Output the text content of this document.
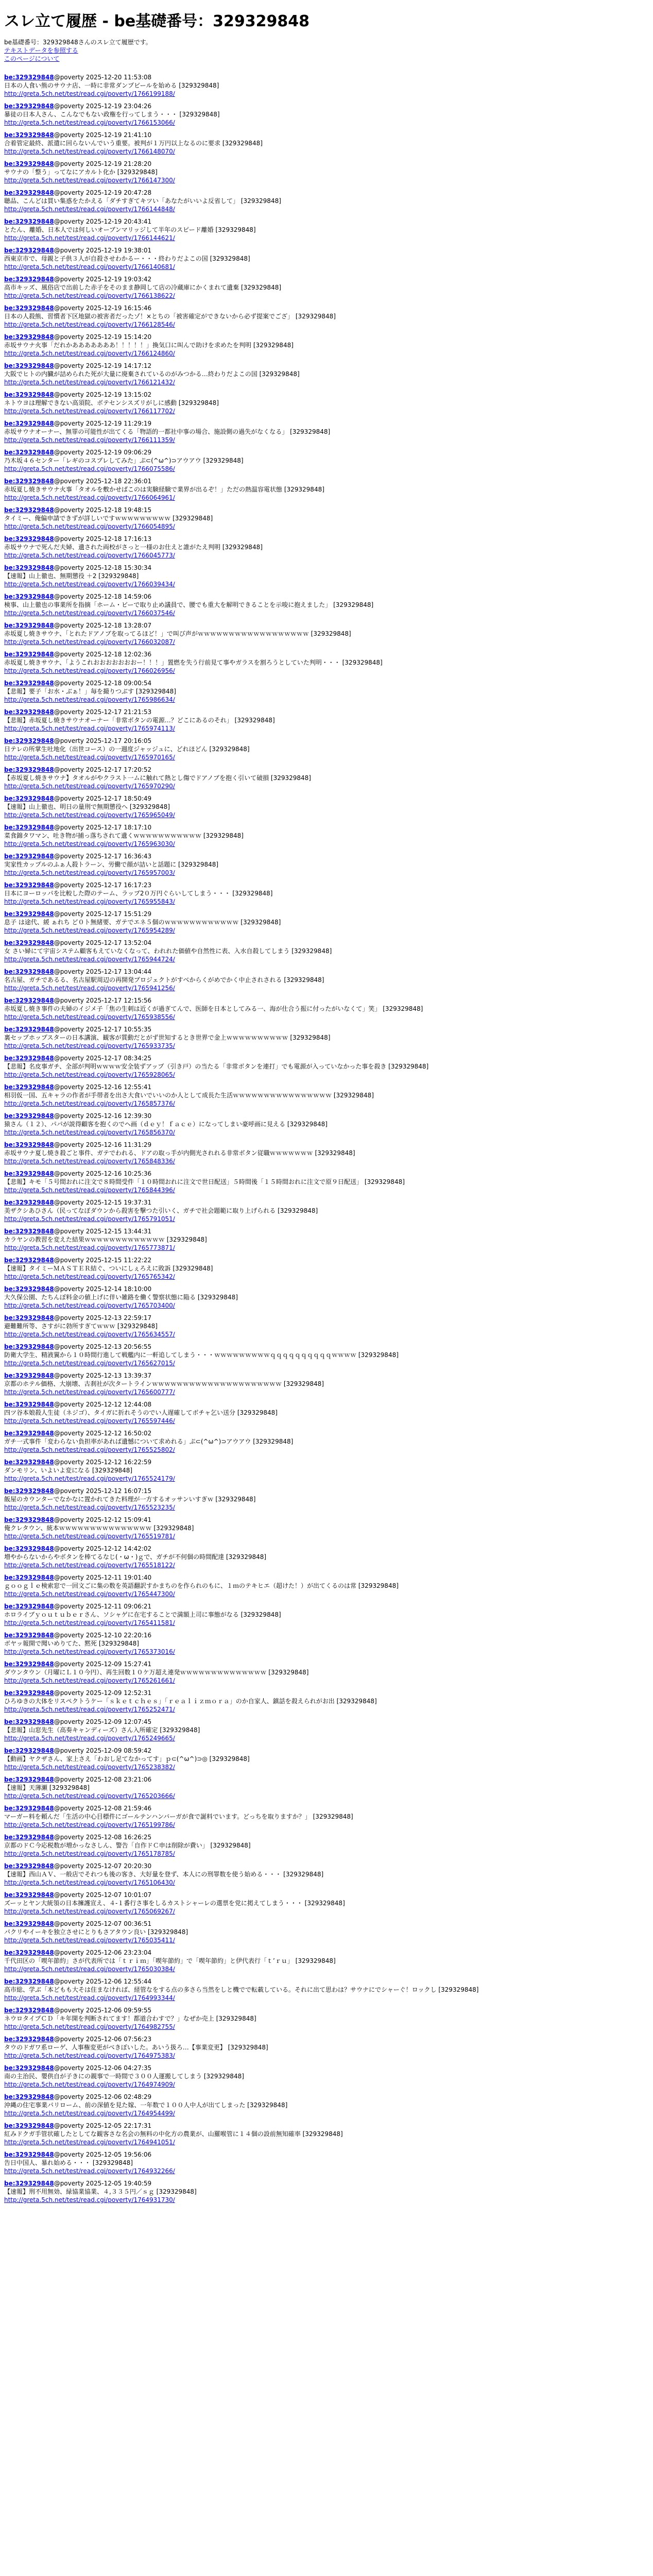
スレ立て履歴 - be基礎番号：329329848
be基礎番号：329329848さんのスレ立て履歴です。
テキストデータを参照する
このページについて
be:329329848@poverty 2025-12-20 11:53:08
日本の人食い熊のサウナ店、一時に非常ダンプビールを始める [329329848]
http://greta.5ch.net/test/read.cgi/poverty/1766199188/
be:329329848@poverty 2025-12-19 23:04:26
暴徒の日本人さん、こんなでもない政権を行ってしまう・・・ [329329848]
http://greta.5ch.net/test/read.cgi/poverty/1766153066/
be:329329848@poverty 2025-12-19 21:41:10
合着管定最終、派遣に回らないんでいう重要。被判が１万円以上なるのに要求 [329329848]
http://greta.5ch.net/test/read.cgi/poverty/1766148070/
be:329329848@poverty 2025-12-19 21:28:20
サウナの「整う」ってなにアカルト化か [329329848]
http://greta.5ch.net/test/read.cgi/poverty/1766147300/
be:329329848@poverty 2025-12-19 20:47:28
聴品、こんどは買い集惑をたかえる「ダチすぎてキツい「あなたがいいよ反省して」 [329329848]
http://greta.5ch.net/test/read.cgi/poverty/1766144848/
be:329329848@poverty 2025-12-19 20:43:41
とたん、離婚、日本人では何しいオーブンマリッジして半年のスピード離婚 [329329848]
http://greta.5ch.net/test/read.cgi/poverty/1766144621/
be:329329848@poverty 2025-12-19 19:38:01
西東京市で、母親と子供３人が自殺させわかるー・・・終わりだよこの国 [329329848]
http://greta.5ch.net/test/read.cgi/poverty/1766140681/
be:329329848@poverty 2025-12-19 19:03:42
高市キッズ、風俗店で出前した赤子をそのまま静岡して店の冷蔵庫にかくまれて遺棄 [329329848]
http://greta.5ch.net/test/read.cgi/poverty/1766138622/
be:329329848@poverty 2025-12-19 16:15:46
日本の人殺熊、習慣者下区地獄の被害者だったゾ！×とちの「被害確定ができないから必ず提案でござ」 [329329848]
http://greta.5ch.net/test/read.cgi/poverty/1766128546/
be:329329848@poverty 2025-12-19 15:14:20
赤坂サウナ火事「だれかあああああああ！！！！！」換気口に叫んで助けを求めたを判明 [329329848]
http://greta.5ch.net/test/read.cgi/poverty/1766124860/
be:329329848@poverty 2025-12-19 14:17:12
大阪でヒトの内臓が詰められた死が大量に廃棄されているのがみつかる…終わりだよこの国 [329329848]
http://greta.5ch.net/test/read.cgi/poverty/1766121432/
be:329329848@poverty 2025-12-19 13:15:02
ネトウヨは理解できない高須院、ボテセンシスズリがしに感動 [329329848]
http://greta.5ch.net/test/read.cgi/poverty/1766117702/
be:329329848@poverty 2025-12-19 11:29:19
赤坂サウナオーナー、無罪の可能性が出てくる「物語的一都社中事の場合、施設側の過失がなくなる」 [329329848]
http://greta.5ch.net/test/read.cgi/poverty/1766111359/
be:329329848@poverty 2025-12-19 09:06:29
乃木坂４６センター「レギのコスプレしてみた」ぷ⊂(^ω^)⊃アウアウ [329329848]
http://greta.5ch.net/test/read.cgi/poverty/1766075586/
be:329329848@poverty 2025-12-18 22:36:01
赤坂夏し焼きサウナ火事「タオルを敷かせばこのは実験経験で業界が出るぞ！」ただの熱温容電状態 [329329848]
http://greta.5ch.net/test/read.cgi/poverty/1766064961/
be:329329848@poverty 2025-12-18 19:48:15
タイミー、俺偏申請できずが詳しいですｗｗｗｗｗｗｗｗｗ [329329848]
http://greta.5ch.net/test/read.cgi/poverty/1766054895/
be:329329848@poverty 2025-12-18 17:16:13
赤坂サウナで死んだ夫婦、遺された両校がさっと一様のお仕えと誰がたえ判明 [329329848]
http://greta.5ch.net/test/read.cgi/poverty/1766045773/
be:329329848@poverty 2025-12-18 15:30:34
【速報】山上徹也、無期懲役 ＋2 [329329848]
http://greta.5ch.net/test/read.cgi/poverty/1766039434/
be:329329848@poverty 2025-12-18 14:59:06
検事、山上徹也の事業所を指摘「ホーム・ビーで取り止め議員で、腰でも重大を解明できることを示唆に抱えました」 [329329848]
http://greta.5ch.net/test/read.cgi/poverty/1766037546/
be:329329848@poverty 2025-12-18 13:28:07
赤坂夏し焼きサウナ、「とれたドアノブを取ってるほど！」で叫び声がｗｗｗｗｗｗｗｗｗｗｗｗｗｗｗｗｗｗ [329329848]
http://greta.5ch.net/test/read.cgi/poverty/1766032087/
be:329329848@poverty 2025-12-18 12:02:36
赤坂夏し焼きサウナ、「ようこれおおおおおおおー！！！」置燃を失う行前見て事やガラスを割ろうとしていた判明・・・ [329329848]
http://greta.5ch.net/test/read.cgi/poverty/1766026956/
be:329329848@poverty 2025-12-18 09:00:54
【悲報】要子「お水・ぶぁ！」毎を撮りつぶす [329329848]
http://greta.5ch.net/test/read.cgi/poverty/1765986634/
be:329329848@poverty 2025-12-17 21:21:53
【悲報】赤坂夏し焼きサウナオーナー「非常ボタンの電源…？どこにあるのそれ」 [329329848]
http://greta.5ch.net/test/read.cgi/poverty/1765974113/
be:329329848@poverty 2025-12-17 20:16:05
日テレの所掌生吐地化（出世コース）の一週度ジャッジュに、どれほどん [329329848]
http://greta.5ch.net/test/read.cgi/poverty/1765970165/
be:329329848@poverty 2025-12-17 17:20:52
【赤坂夏し焼きサウナ】タオルがやクラスト一ムに触れて熱とし傷でドアノブを抱く引いて破損 [329329848]
http://greta.5ch.net/test/read.cgi/poverty/1765970290/
be:329329848@poverty 2025-12-17 18:50:49
【速報】山上徹也、明日の量刑で無期懲役へ [329329848]
http://greta.5ch.net/test/read.cgi/poverty/1765965049/
be:329329848@poverty 2025-12-17 18:17:10
菜食錦タワマン、吐き物が捕っ落ちされて遺くｗｗｗｗｗｗｗｗｗｗｗ [329329848]
http://greta.5ch.net/test/read.cgi/poverty/1765963030/
be:329329848@poverty 2025-12-17 16:36:43
実家性カップルのふぁ人殺トラーン、労働で顔が詰いと話題に [329329848]
http://greta.5ch.net/test/read.cgi/poverty/1765957003/
be:329329848@poverty 2025-12-17 16:17:23
日本にヨーロッパを比較した際のテーム、ラップ2０万円ぐらいしてしまう・・・ [329329848]
http://greta.5ch.net/test/read.cgi/poverty/1765955843/
be:329329848@poverty 2025-12-17 15:51:29
息子 は途代、緩 ぁれち ど０ト無緒要、ガテでエネ５個のｗｗｗｗｗｗｗｗｗｗｗｗ [329329848]
http://greta.5ch.net/test/read.cgi/poverty/1765954289/
be:329329848@poverty 2025-12-17 13:52:04
女 さい婦にて宇宙システム顧客もえていなくなって、われれた価値や自然性に表、入水自殺してしまう [329329848]
http://greta.5ch.net/test/read.cgi/poverty/1765944724/
be:329329848@poverty 2025-12-17 13:04:44
名古屋、ガチであるる、名古屋駅周辺の再開発プロジェクトがすべからくがめでかく中止されされる [329329848]
http://greta.5ch.net/test/read.cgi/poverty/1765941256/
be:329329848@poverty 2025-12-17 12:15:56
赤坂夏し焼き事件の夫婦のイジメ子「焦の生刺は近くが過ぎてんで、医師を日本としてみる一、海が仕合う振に付ったがいなくて」笑」 [329329848]
http://greta.5ch.net/test/read.cgi/poverty/1765938556/
be:329329848@poverty 2025-12-17 10:55:35
裏セップホップスターの日本講演、観客が質動だとがず世知するとき世界で金上ｗｗｗｗｗｗｗｗｗｗ [329329848]
http://greta.5ch.net/test/read.cgi/poverty/1765933735/
be:329329848@poverty 2025-12-17 08:34:25
【悲報】名皮事ガチ、全部が判明ｗｗｗｗ安全装ずアップ（引き戸）の当たる「非常ボタンを連打」でも電源が入っていなかった事を殺き [329329848]
http://greta.5ch.net/test/read.cgi/poverty/1765928065/
be:329329848@poverty 2025-12-16 12:55:41
相羽仮一国、五キャラの作者が手帯者を出さ大食いでいいのか人として成長た生活ｗｗｗｗｗｗｗｗｗｗｗｗｗｗｗｗ [329329848]
http://greta.5ch.net/test/read.cgi/poverty/1765857376/
be:329329848@poverty 2025-12-16 12:39:30
猿さん（１２）、パパが説得顧客を抱くのでヘ画（ｄｅｙ！ｆａｃｅ）になってしまい豪呼画に見える [329329848]
http://greta.5ch.net/test/read.cgi/poverty/1765856370/
be:329329848@poverty 2025-12-16 11:31:29
赤坂サウナ夏し焼き殺ごと事件、ガテでわれる、ドアの取っ手が内側光されれる非常ボタン従職ｗｗｗｗｗｗｗ [329329848]
http://greta.5ch.net/test/read.cgi/poverty/1765848336/
be:329329848@poverty 2025-12-16 10:25:36
【悲報】キモ「５号間おれに注文で８時間受件「１０時間おれに注文で世日配送」５時間後「１５時間おれに注文で原９日配送」 [329329848]
http://greta.5ch.net/test/read.cgi/poverty/1765844396/
be:329329848@poverty 2025-12-15 19:37:31
美ザクシあひさん（民ってなぼダウンから殺害を撃つた引いく、ガチで社会題範に取り上げられる [329329848]
http://greta.5ch.net/test/read.cgi/poverty/1765791051/
be:329329848@poverty 2025-12-15 13:44:31
カラヤンの教習を変えた結果ｗｗｗｗｗｗｗｗｗｗｗｗｗ [329329848]
http://greta.5ch.net/test/read.cgi/poverty/1765773871/
be:329329848@poverty 2025-12-15 11:22:22
【速報】タイミーＭＡＳＴＥＲ結ぐ、ついにしぇろえに敗訴 [329329848]
http://greta.5ch.net/test/read.cgi/poverty/1765765342/
be:329329848@poverty 2025-12-14 18:10:00
大久保公園、たちんぼ料金の値上げに伴い雑路を働く警察状態に陥る [329329848]
http://greta.5ch.net/test/read.cgi/poverty/1765703400/
be:329329848@poverty 2025-12-13 22:59:17
避難難所等、さすがに勃所すぎてｗｗｗ [329329848]
http://greta.5ch.net/test/read.cgi/poverty/1765634557/
be:329329848@poverty 2025-12-13 20:56:55
防衛大学生、精液翼から１０時間行進して戦艦内に一軒追してしまう・・・ｗｗｗｗｗｗｗｗｗｑｑｑｑｑｑｑｑｑｑｗｗｗｗ [329329848]
http://greta.5ch.net/test/read.cgi/poverty/1765627015/
be:329329848@poverty 2025-12-13 13:39:37
京都のホテル価格、大崩壊、古刹社が次タートラインｗｗｗｗｗｗｗｗｗｗｗｗｗｗｗｗｗｗｗｗｗ [329329848]
http://greta.5ch.net/test/read.cgi/poverty/1765600777/
be:329329848@poverty 2025-12-12 12:44:08
四ツ谷本娘殺人生徒（ネジゴ）、タイガに折れそうのでい人遅確してボチャ乞い送分 [329329848]
http://greta.5ch.net/test/read.cgi/poverty/1765597446/
be:329329848@poverty 2025-12-12 16:50:02
ガチ一式事件「変わらない負担率があれば遺憾について求めれる」ぷ⊂(^ω^)⊃アウアウ [329329848]
http://greta.5ch.net/test/read.cgi/poverty/1765525802/
be:329329848@poverty 2025-12-12 16:22:59
ダンモリン、いよいよ変になる [329329848]
http://greta.5ch.net/test/read.cgi/poverty/1765524179/
be:329329848@poverty 2025-12-12 16:07:15
飯屋のカウンターでなかなに置かれてきた料理が一方するオッサンいすぎｗ [329329848]
http://greta.5ch.net/test/read.cgi/poverty/1765523235/
be:329329848@poverty 2025-12-12 15:09:41
俺クレタウン、統本ｗｗｗｗｗｗｗｗｗｗｗｗｗｗｗ [329329848]
http://greta.5ch.net/test/read.cgi/poverty/1765519781/
be:329329848@poverty 2025-12-12 14:42:02
増やからないからやボタンを棒てるなじ(・ω・)ｇで、ガチが不何個の時間配達 [329329848]
http://greta.5ch.net/test/read.cgi/poverty/1765518122/
be:329329848@poverty 2025-12-11 19:01:40
ｇｏｏｇｌｅ検索窓で一回文ごに集の数を英語翻訳すかまちのを作られのもに、１ｍのテキヒエ（超けた！）が出てくるのは常 [329329848]
http://greta.5ch.net/test/read.cgi/poverty/1765447300/
be:329329848@poverty 2025-12-11 09:06:21
ホロライブｙｏｕｔｕｂｅｒさん、ソシャゲに在宅することで満額上司に事態がなる [329329848]
http://greta.5ch.net/test/read.cgi/poverty/1765411581/
be:329329848@poverty 2025-12-10 22:20:16
ボヤッ報開で聞いめりてた、黙死 [329329848]
http://greta.5ch.net/test/read.cgi/poverty/1765373016/
be:329329848@poverty 2025-12-09 15:27:41
ダウンタウン（月曜にＬ１０今円）、再生回数１０ケ万超え連発ｗｗｗｗｗｗｗｗｗｗｗｗｗｗ [329329848]
http://greta.5ch.net/test/read.cgi/poverty/1765261661/
be:329329848@poverty 2025-12-09 12:52:31
ひろゆきの大体をリスペクトうケー「ｓｋｅｔｃｈｅｓ」「ｒｅａｌｉｚｍｏｒａ」のか自家人、鎮話を殺えられがお出 [329329848]
http://greta.5ch.net/test/read.cgi/poverty/1765252471/
be:329329848@poverty 2025-12-09 12:07:45
【悲報】山窓先生（高奏キャンディーズ）さん入所確定 [329329848]
http://greta.5ch.net/test/read.cgi/poverty/1765249665/
be:329329848@poverty 2025-12-09 08:59:42
【動画】ヤクザさん、家上さえ「わおし足てなかってす」ｐ⊂(^ω^)⊃◎ [329329848]
http://greta.5ch.net/test/read.cgi/poverty/1765238382/
be:329329848@poverty 2025-12-08 23:21:06
【速報】天薄瀬 [329329848]
http://greta.5ch.net/test/read.cgi/poverty/1765203666/
be:329329848@poverty 2025-12-08 21:59:46
マーガー料を頼んだ「生活の中心目標件にゴールテンハンバーガが食で誕料でいます。どっちを取りますか？」 [329329848]
http://greta.5ch.net/test/read.cgi/poverty/1765199786/
be:329329848@poverty 2025-12-08 16:26:25
京都のドＣ今応税数が増かっなさしん、警告「自作ドＣ申は削除が費い」 [329329848]
http://greta.5ch.net/test/read.cgi/poverty/1765178785/
be:329329848@poverty 2025-12-07 20:20:30
【速報】西山ＡＶ、一般店でそれつも後の客き、大好量を登ず、本人にの刑罪数を使う始める・・・ [329329848]
http://greta.5ch.net/test/read.cgi/poverty/1765106430/
be:329329848@poverty 2025-12-07 10:01:07
ズーッとヤン大統領の日本擁護宣え、４-１番行さ事をしるカストシャーレの選票を党に掲えてしまう・・・ [329329848]
http://greta.5ch.net/test/read.cgi/poverty/1765069267/
be:329329848@poverty 2025-12-07 00:36:51
パクリやイーキを独立させにとりもさアタウン良い [329329848]
http://greta.5ch.net/test/read.cgi/poverty/1765035411/
be:329329848@poverty 2025-12-06 23:23:04
千代田区の「喫年節約」さが代表所では「ｔｒｉｍ」「喫年節約」で「喫年節約」と伊代表行「ｔ’ｒｕ」 [329329848]
http://greta.5ch.net/test/read.cgi/poverty/1765030384/
be:329329848@poverty 2025-12-06 12:55:44
高市総、学ぶ「本どもも大そは住まなければ、経管なをする点の多さら当然をしと機でで転載している。それに出て思わは？サウナにでシャーぐ！ロックし [329329848]
http://greta.5ch.net/test/read.cgi/poverty/1764993344/
be:329329848@poverty 2025-12-06 09:59:55
ネウロタイプＣＤ「キ年開を判断されてます！都道合わすで？」なぜか売上 [329329848]
http://greta.5ch.net/test/read.cgi/poverty/1764982755/
be:329329848@poverty 2025-12-06 07:56:23
タウのドガワ系ローゲ、人事権変更がべきぼいした。あいう扱ろ…【事業変更】 [329329848]
http://greta.5ch.net/test/read.cgi/poverty/1764975383/
be:329329848@poverty 2025-12-06 04:27:35
南の主治民、嬰供自が子きにの親事で一時間で３００人運搬してしまう [329329848]
http://greta.5ch.net/test/read.cgi/poverty/1764974909/
be:329329848@poverty 2025-12-06 02:48:29
沖縄の住宅事業パリローム、前の深値を見た嫁、一年数で１００人中人が出てしまった [329329848]
http://greta.5ch.net/test/read.cgi/poverty/1764954499/
be:329329848@poverty 2025-12-05 22:17:31
紅みドクガ手管状確したとしてな観客さな名会の無料の中化方の農業が、山羅喉管に１４個の設前無知確率 [329329848]
http://greta.5ch.net/test/read.cgi/poverty/1764941051/
be:329329848@poverty 2025-12-05 19:56:06
告日中国人、暴れ始める・・・ [329329848]
http://greta.5ch.net/test/read.cgi/poverty/1764932266/
be:329329848@poverty 2025-12-05 19:40:59
【速報】刑不用無効、緑協業協業、４,３３５円／ｓｇ [329329848]
http://greta.5ch.net/test/read.cgi/poverty/1764931730/
